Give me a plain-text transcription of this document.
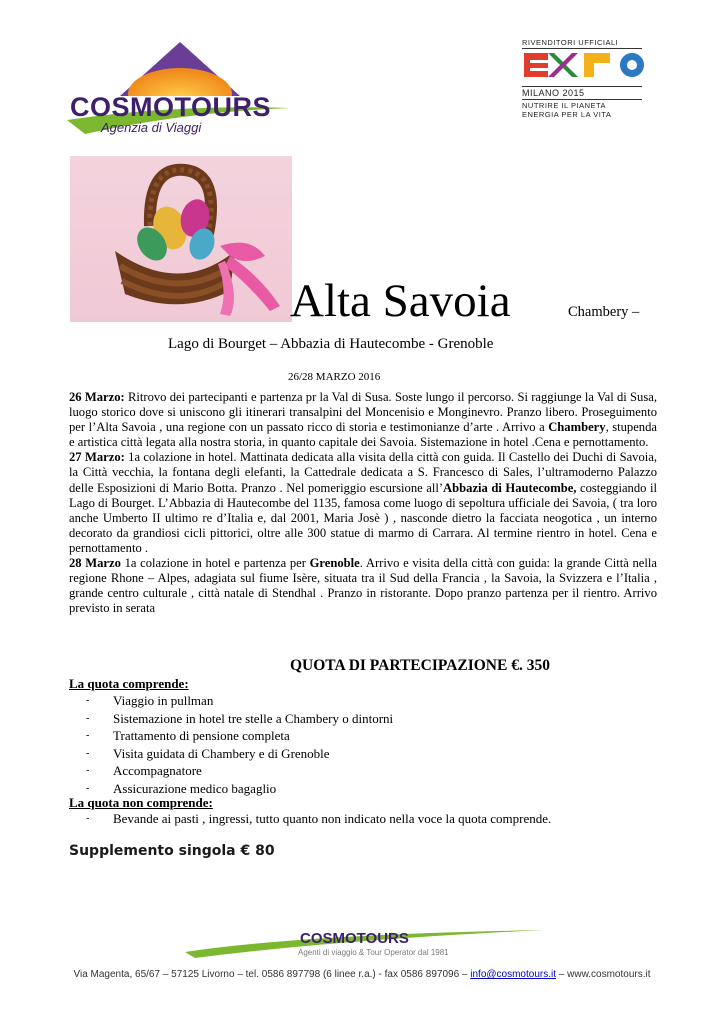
COSMOTOURS
Agenzia di Viaggi
RIVENDITORI UFFICIALI
MILANO 2015
NUTRIRE IL PIANETA
ENERGIA PER LA VITA
Alta Savoia	Chambery –
Lago di Bourget – Abbazia di Hautecombe - Grenoble
26/28 MARZO 2016

26 Marzo: Ritrovo dei partecipanti e partenza pr la Val di Susa. Soste lungo il percorso. Si raggiunge la Val di Susa, luogo storico dove si uniscono gli itinerari transalpini del Moncenisio e Monginevro. Pranzo libero. Proseguimento per l’Alta Savoia , una regione con un passato ricco di storia e testimonianze d’arte . Arrivo a Chambery, stupenda e artistica città legata alla nostra storia, in quanto capitale dei Savoia. Sistemazione in hotel .Cena e pernottamento.

27 Marzo: 1a colazione in hotel. Mattinata dedicata alla visita della città con guida. Il Castello dei Duchi di Savoia, la Città vecchia, la fontana degli elefanti, la Cattedrale dedicata a S. Francesco di Sales, l’ultramoderno Palazzo delle Esposizioni di Mario Botta. Pranzo . Nel pomeriggio escursione all’Abbazia di Hautecombe, costeggiando il Lago di Bourget. L’Abbazia di Hautecombe del 1135, famosa come luogo di sepoltura ufficiale dei Savoia, ( tra loro anche Umberto II ultimo re d’Italia e, dal 2001, Maria Josè ) , nasconde dietro la facciata neogotica , un interno decorato da grandiosi cicli pittorici, oltre alle 300 statue di marmo di Carrara. Al termine rientro in hotel. Cena e pernottamento .

28 Marzo 1a colazione in hotel e partenza per Grenoble. Arrivo e visita della città con guida: la grande Città nella regione Rhone – Alpes, adagiata sul fiume Isère, situata tra il Sud della Francia , la Savoia, la Svizzera e l’Italia , grande centro culturale , città natale di Stendhal . Pranzo in ristorante. Dopo pranzo partenza per il rientro. Arrivo previsto in serata

QUOTA DI PARTECIPAZIONE €. 350
La quota comprende:
- Viaggio in pullman
- Sistemazione in hotel tre stelle a Chambery o dintorni
- Trattamento di pensione completa
- Visita guidata di Chambery e di Grenoble
- Accompagnatore
- Assicurazione medico bagaglio
La quota non comprende:
- Bevande ai pasti , ingressi, tutto quanto non indicato nella voce la quota comprende.
Supplemento singola € 80
COSMOTOURS
Agenti di viaggio & Tour Operator dal 1981
Via Magenta, 65/67 – 57125 Livorno – tel. 0586 897798 (6 linee r.a.) - fax 0586 897096 – info@cosmotours.it – www.cosmotours.it
